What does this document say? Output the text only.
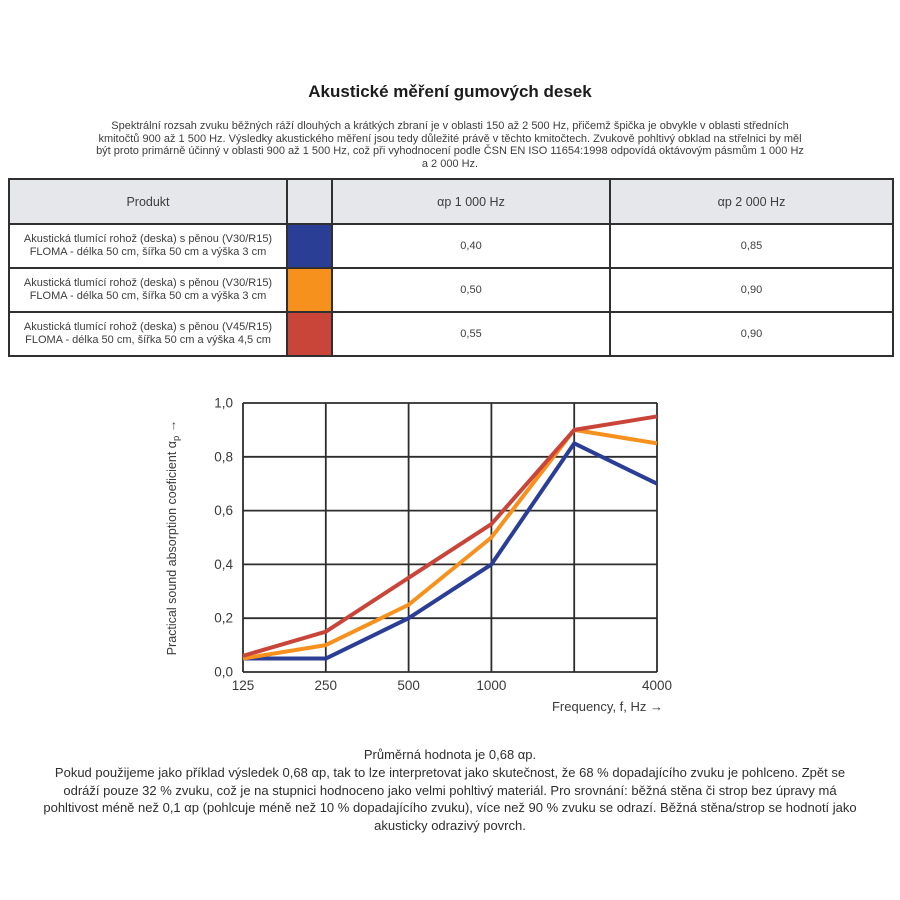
Akustické měření gumových desek
Spektrální rozsah zvuku běžných ráží dlouhých a krátkých zbraní je v oblasti 150 až 2 500 Hz, přičemž špička je obvykle v oblasti středních kmitočtů 900 až 1 500 Hz. Výsledky akustického měření jsou tedy důležité právě v těchto kmitočtech. Zvukově pohltivý obklad na střelnici by měl být proto primárně účinný v oblasti 900 až 1 500 Hz, což při vyhodnocení podle ČSN EN ISO 11654:1998 odpovídá oktávovým pásmům 1 000 Hz a 2 000 Hz.
Produkt		αp 1 000 Hz	αp 2 000 Hz
Akustická tlumící rohož (deska) s pěnou (V30/R15) FLOMA - délka 50 cm, šířka 50 cm a výška 3 cm		0,40	0,85
Akustická tlumící rohož (deska) s pěnou (V30/R15) FLOMA - délka 50 cm, šířka 50 cm a výška 3 cm		0,50	0,90
Akustická tlumící rohož (deska) s pěnou (V45/R15) FLOMA - délka 50 cm, šířka 50 cm a výška 4,5 cm		0,55	0,90
0,0
0,2
0,4
0,6
0,8
1,0
125	250	500	1000	4000
Frequency, f, Hz →
Practical sound absorption coeficient $\alpha_p$ →

Průměrná hodnota je 0,68 αp.

Pokud použijeme jako příklad výsledek 0,68 αp, tak to lze interpretovat jako skutečnost, že 68 % dopadajícího zvuku je pohlceno. Zpět se odráží pouze 32 % zvuku, což je na stupnici hodnoceno jako velmi pohltivý materiál. Pro srovnání: běžná stěna či strop bez úpravy má pohltivost méně než 0,1 αp (pohlcuje méně než 10 % dopadajícího zvuku), více než 90 % zvuku se odrazí. Běžná stěna/strop se hodnotí jako akusticky odrazivý povrch.
